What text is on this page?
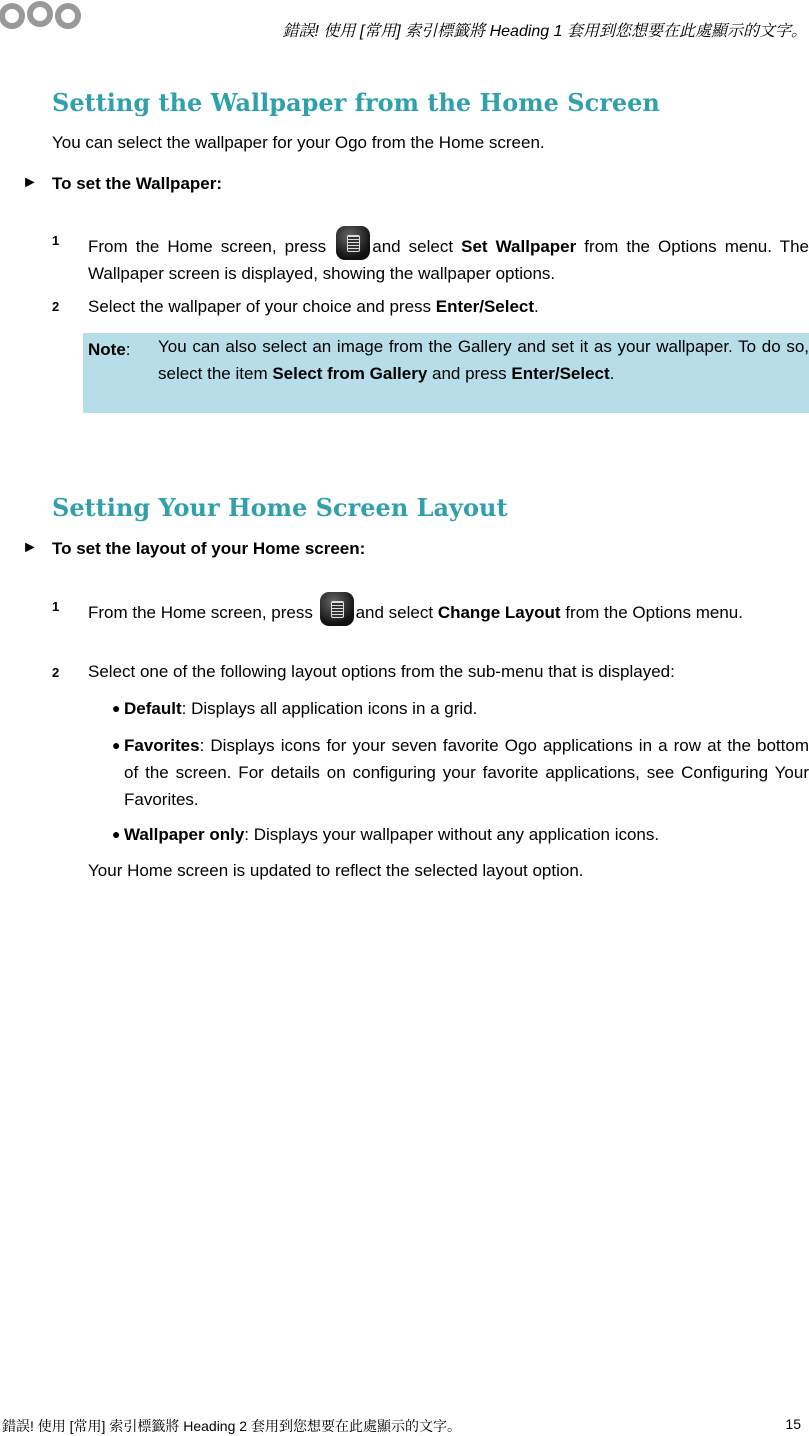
錯誤! 使用 [常用] 索引標籤將 Heading 1 套用到您想要在此處顯示的文字。
Setting the Wallpaper from the Home Screen
You can select the wallpaper for your Ogo from the Home screen.
► To set the Wallpaper:
1 From the Home screen, press and select Set Wallpaper from the Options menu. The Wallpaper screen is displayed, showing the wallpaper options.
2 Select the wallpaper of your choice and press Enter/Select.
Note: You can also select an image from the Gallery and set it as your wallpaper. To do so, select the item Select from Gallery and press Enter/Select.
Setting Your Home Screen Layout
► To set the layout of your Home screen:
1 From the Home screen, press and select Change Layout from the Options menu.
2 Select one of the following layout options from the sub-menu that is displayed:
● Default: Displays all application icons in a grid.
● Favorites: Displays icons for your seven favorite Ogo applications in a row at the bottom of the screen. For details on configuring your favorite applications, see Configuring Your Favorites.
● Wallpaper only: Displays your wallpaper without any application icons.
Your Home screen is updated to reflect the selected layout option.
錯誤! 使用 [常用] 索引標籤將 Heading 2 套用到您想要在此處顯示的文字。	15
